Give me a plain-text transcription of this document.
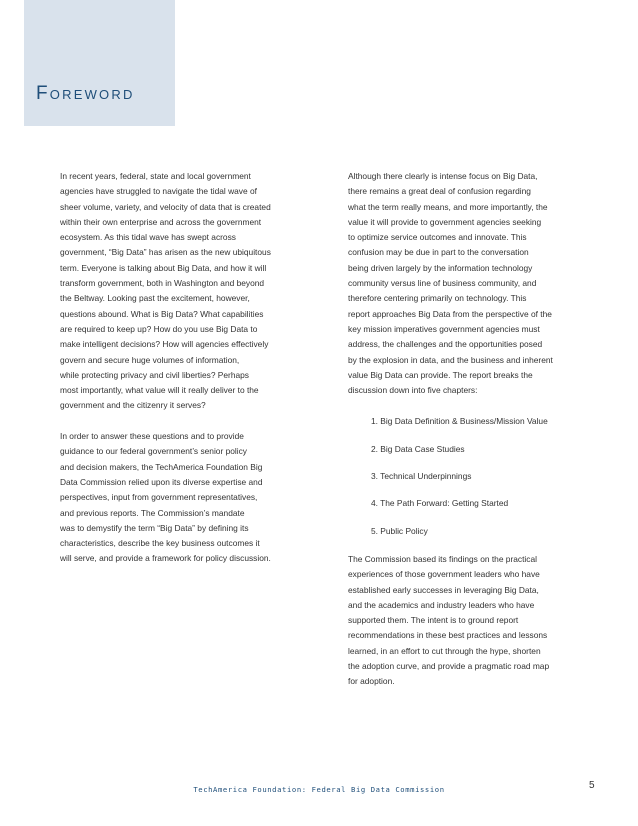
Foreword

In recent years, federal, state and local government
agencies have struggled to navigate the tidal wave of
sheer volume, variety, and velocity of data that is created
within their own enterprise and across the government
ecosystem. As this tidal wave has swept across
government, “Big Data” has arisen as the new ubiquitous
term. Everyone is talking about Big Data, and how it will
transform government, both in Washington and beyond
the Beltway. Looking past the excitement, however,
questions abound. What is Big Data? What capabilities
are required to keep up? How do you use Big Data to
make intelligent decisions? How will agencies effectively
govern and secure huge volumes of information,
while protecting privacy and civil liberties? Perhaps
most importantly, what value will it really deliver to the
government and the citizenry it serves?

In order to answer these questions and to provide
guidance to our federal government’s senior policy
and decision makers, the TechAmerica Foundation Big
Data Commission relied upon its diverse expertise and
perspectives, input from government representatives,
and previous reports. The Commission’s mandate
was to demystify the term “Big Data” by defining its
characteristics, describe the key business outcomes it
will serve, and provide a framework for policy discussion.

Although there clearly is intense focus on Big Data,
there remains a great deal of confusion regarding
what the term really means, and more importantly, the
value it will provide to government agencies seeking
to optimize service outcomes and innovate. This
confusion may be due in part to the conversation
being driven largely by the information technology
community versus line of business community, and
therefore centering primarily on technology. This
report approaches Big Data from the perspective of the
key mission imperatives government agencies must
address, the challenges and the opportunities posed
by the explosion in data, and the business and inherent
value Big Data can provide. The report breaks the
discussion down into five chapters:

1. Big Data Definition & Business/Mission Value
2. Big Data Case Studies
3. Technical Underpinnings
4. The Path Forward: Getting Started
5. Public Policy

The Commission based its findings on the practical
experiences of those government leaders who have
established early successes in leveraging Big Data,
and the academics and industry leaders who have
supported them. The intent is to ground report
recommendations in these best practices and lessons
learned, in an effort to cut through the hype, shorten
the adoption curve, and provide a pragmatic road map
for adoption.

TechAmerica Foundation: Federal Big Data Commission	5
